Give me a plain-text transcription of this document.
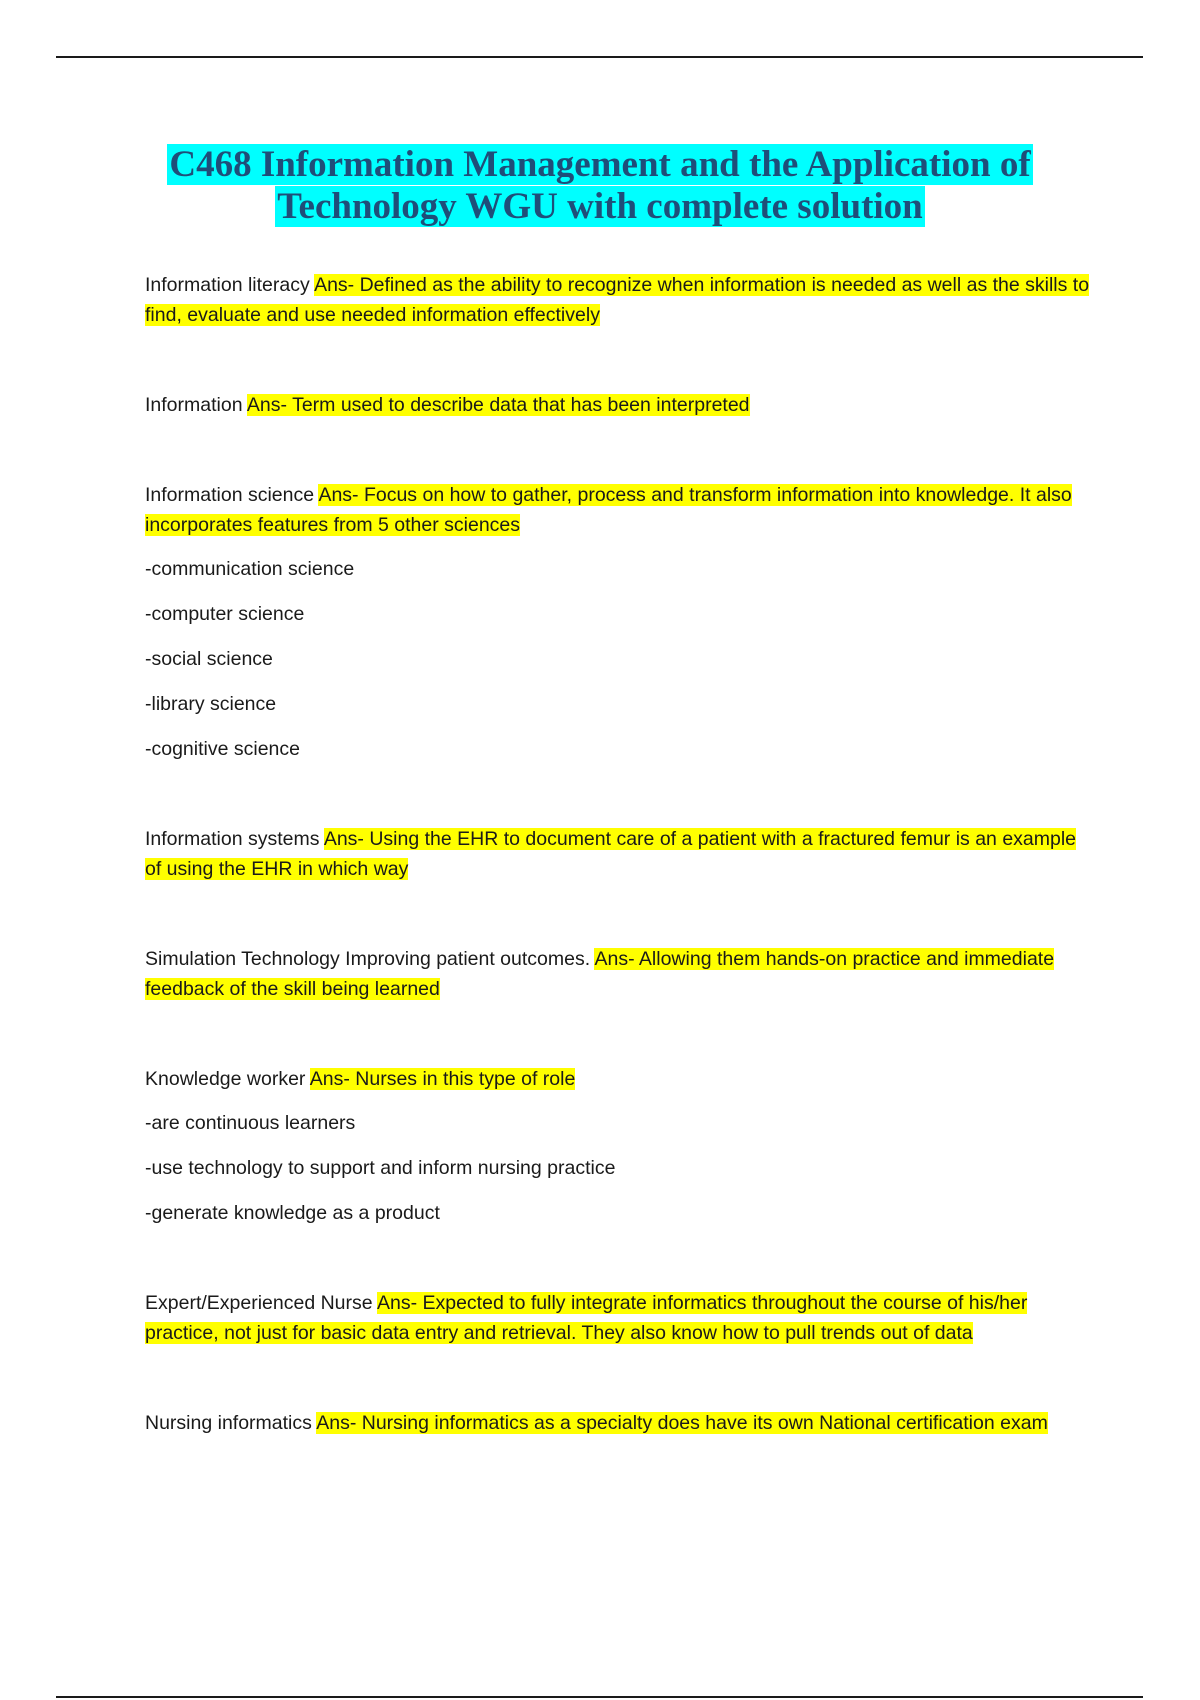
C468 Information Management and the Application of
Technology WGU with complete solution

Information literacy Ans- Defined as the ability to recognize when information is needed as well as the skills to find, evaluate and use needed information effectively

Information Ans- Term used to describe data that has been interpreted

Information science Ans- Focus on how to gather, process and transform information into knowledge. It also incorporates features from 5 other sciences

-communication science

-computer science

-social science

-library science

-cognitive science

Information systems Ans- Using the EHR to document care of a patient with a fractured femur is an example of using the EHR in which way

Simulation Technology Improving patient outcomes. Ans- Allowing them hands-on practice and immediate feedback of the skill being learned

Knowledge worker Ans- Nurses in this type of role

-are continuous learners

-use technology to support and inform nursing practice

-generate knowledge as a product

Expert/Experienced Nurse Ans- Expected to fully integrate informatics throughout the course of his/her practice, not just for basic data entry and retrieval. They also know how to pull trends out of data

Nursing informatics Ans- Nursing informatics as a specialty does have its own National certification exam
